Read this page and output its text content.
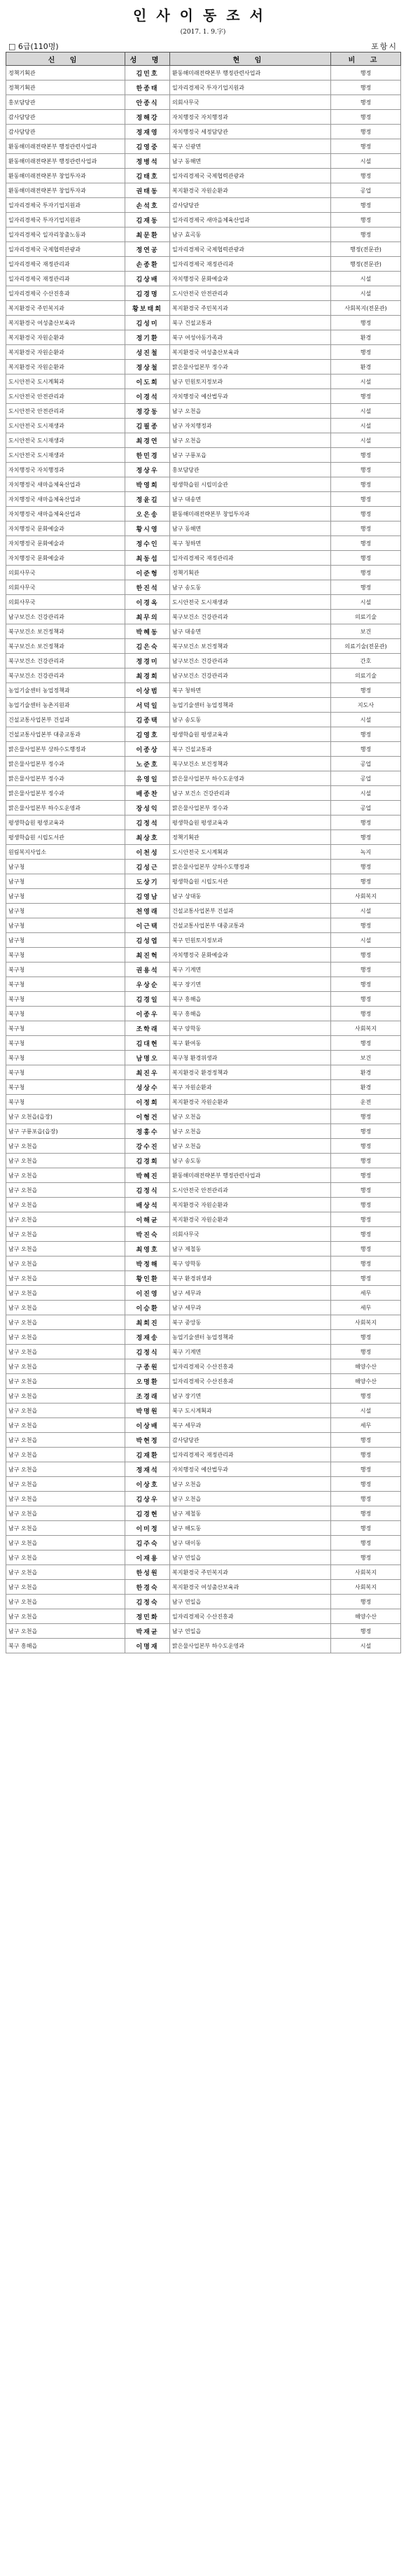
인사이동조서
(2017. 1. 9.字)
□ 6급(110명)	포항시
신 임	성 명	현 임	비 고
정책기획관	김민호	환동해미래전략본부 행정관련사업과	행정
정책기획관	한종태	일자리경제국 투자기업지원과	행정
홍보담당관	안종식	의회사무국	행정
감사담당관	정해강	자치행정국 자치행정과	행정
감사담당관	정재영	자치행정국 세정담당관	행정
환동해미래전략본부 행정관련사업과	김영중	북구 신광면	행정
환동해미래전략본부 행정관련사업과	정병석	남구 동해면	시설
환동해미래전략본부 창업투자과	김태호	일자리경제국 국제협력관광과	행정
환동해미래전략본부 창업투자과	권태동	복지환경국 자원순환과	공업
일자리경제국 투자기업지원과	손석호	감사담당관	행정
일자리경제국 투자기업지원과	김재동	일자리경제국 새마을체육산업과	행정
일자리경제국 일자리창출노동과	최문환	남구 효곡동	행정
일자리경제국 국제협력관광과	정연공	일자리경제국 국제협력관광과	행정(전문관)
일자리경제국 재정관리과	손종환	일자리경제국 재정관리과	행정(전문관)
일자리경제국 재정관리과	김상배	자치행정국 문화예술과	시설
일자리경제국 수산진흥과	김경명	도시안전국 안전관리과	시설
복지환경국 주민복지과	황보태희	복지환경국 주민복지과	사회복지(전문관)
복지환경국 여성출산보육과	김성미	북구 건설교통과	행정
복지환경국 자원순환과	정기환	북구 여성아동가족과	환경
복지환경국 자원순환과	성진철	복지환경국 여성출산보육과	행정
복지환경국 자원순환과	정상철	맑은물사업본부 정수과	환경
도시안전국 도시계획과	이도희	남구 민원토지정보과	시설
도시안전국 안전관리과	이경석	자치행정국 예산법무과	행정
도시안전국 안전관리과	정강동	남구 오천읍	시설
도시안전국 도시재생과	김필종	남구 자치행정과	시설
도시안전국 도시재생과	최경연	남구 오천읍	시설
도시안전국 도시재생과	한민경	남구 구룡포읍	행정
자치행정국 자치행정과	정상우	홍보담당관	행정
자치행정국 새마을체육산업과	박영희	평생학습원 시립미술관	행정
자치행정국 새마을체육산업과	정윤길	남구 대송면	행정
자치행정국 새마을체육산업과	오은송	환동해미래전략본부 창업투자과	행정
자치행정국 문화예술과	황시영	남구 동해면	행정
자치행정국 문화예술과	정수인	북구 청하면	행정
자치행정국 문화예술과	최동섭	일자리경제국 재정관리과	행정
의회사무국	이준형	정책기획관	행정
의회사무국	한진석	남구 송도동	행정
의회사무국	이경옥	도시안전국 도시재생과	시설
남구보건소 건강관리과	최무의	북구보건소 건강관리과	의료기술
북구보건소 보건정책과	박혜동	남구 대송면	보건
북구보건소 보건정책과	김은숙	북구보건소 보건정책과	의료기술(전문관)
북구보건소 건강관리과	정경미	남구보건소 건강관리과	간호
북구보건소 건강관리과	최경희	남구보건소 건강관리과	의료기술
농업기술센터 농업정책과	이상범	북구 청하면	행정
농업기술센터 농촌지원과	서덕일	농업기술센터 농업정책과	지도사
건설교통사업본부 건설과	김종택	남구 송도동	시설
건설교통사업본부 대중교통과	김영호	평생학습원 평생교육과	행정
맑은물사업본부 상하수도행정과	이종상	북구 건설교통과	행정
맑은물사업본부 정수과	노준호	북구보건소 보건정책과	공업
맑은물사업본부 정수과	유영일	맑은물사업본부 하수도운영과	공업
맑은물사업본부 정수과	배종찬	남구 보건소 건강관리과	시설
맑은물사업본부 하수도운영과	장성익	맑은물사업본부 정수과	공업
평생학습원 평생교육과	김정석	평생학습원 평생교육과	행정
평생학습원 시립도서관	최상호	정책기획관	행정
원림복지사업소	이천성	도시안전국 도시계획과	녹지
남구청	김성근	맑은물사업본부 상하수도행정과	행정
남구청	도상기	평생학습원 시립도서관	행정
남구청	김영남	남구 상대동	사회복지
남구청	천영래	건설교통사업본부 건설과	시설
남구청	이근택	건설교통사업본부 대중교통과	행정
남구청	김성엽	북구 민원토지정보과	시설
북구청	최진혁	자치행정국 문화예술과	행정
북구청	권용석	북구 기계면	행정
북구청	우상순	북구 장기면	행정
북구청	김경일	북구 흥해읍	행정
북구청	이종우	북구 흥해읍	행정
북구청	조학래	북구 양학동	사회복지
북구청	김대현	북구 환여동	행정
북구청	남명오	북구청 환경위생과	보건
북구청	최진우	복지환경국 환경정책과	환경
북구청	성상수	북구 자원순환과	환경
북구청	이정희	복지환경국 자원순환과	운전
남구 오천읍(읍장)	이형건	남구 오천읍	행정
남구 구룡포읍(읍장)	정흥수	남구 오천읍	행정
남구 오천읍	강수진	남구 오천읍	행정
남구 오천읍	김경희	남구 송도동	행정
남구 오천읍	박혜진	환동해미래전략본부 행정관련사업과	행정
남구 오천읍	김정식	도시안전국 안전관리과	행정
남구 오천읍	배상석	복지환경국 자원순환과	행정
남구 오천읍	이해균	복지환경국 자원순환과	행정
남구 오천읍	박진숙	의회사무국	행정
남구 오천읍	최영호	남구 제철동	행정
남구 오천읍	박정해	북구 양학동	행정
남구 오천읍	황인환	북구 환경위생과	행정
남구 오천읍	이진영	남구 세무과	세무
남구 오천읍	이승환	남구 세무과	세무
남구 오천읍	최희진	북구 중앙동	사회복지
남구 오천읍	정재송	농업기술센터 농업정책과	행정
남구 오천읍	김정식	북구 기계면	행정
남구 오천읍	구종원	일자리경제국 수산진흥과	해양수산
남구 오천읍	오명환	일자리경제국 수산진흥과	해양수산
남구 오천읍	조경래	남구 장기면	행정
남구 오천읍	박명원	북구 도시계획과	시설
남구 오천읍	이상배	북구 세무과	세무
남구 오천읍	박현정	감사담당관	행정
남구 오천읍	김재환	일자리경제국 재정관리과	행정
남구 오천읍	정재석	자치행정국 예산법무과	행정
남구 오천읍	이상호	남구 오천읍	행정
남구 오천읍	김상우	남구 오천읍	행정
남구 오천읍	김경현	남구 제철동	행정
남구 오천읍	이미정	남구 해도동	행정
남구 오천읍	김주숙	남구 대이동	행정
남구 오천읍	이재용	남구 연일읍	행정
남구 오천읍	한성원	복지환경국 주민복지과	사회복지
남구 오천읍	한경숙	복지환경국 여성출산보육과	사회복지
남구 오천읍	김정숙	남구 연일읍	행정
남구 오천읍	정민화	일자리경제국 수산진흥과	해양수산
남구 오천읍	박재균	남구 연일읍	행정
북구 흥해읍	이명재	맑은물사업본부 하수도운영과	시설
